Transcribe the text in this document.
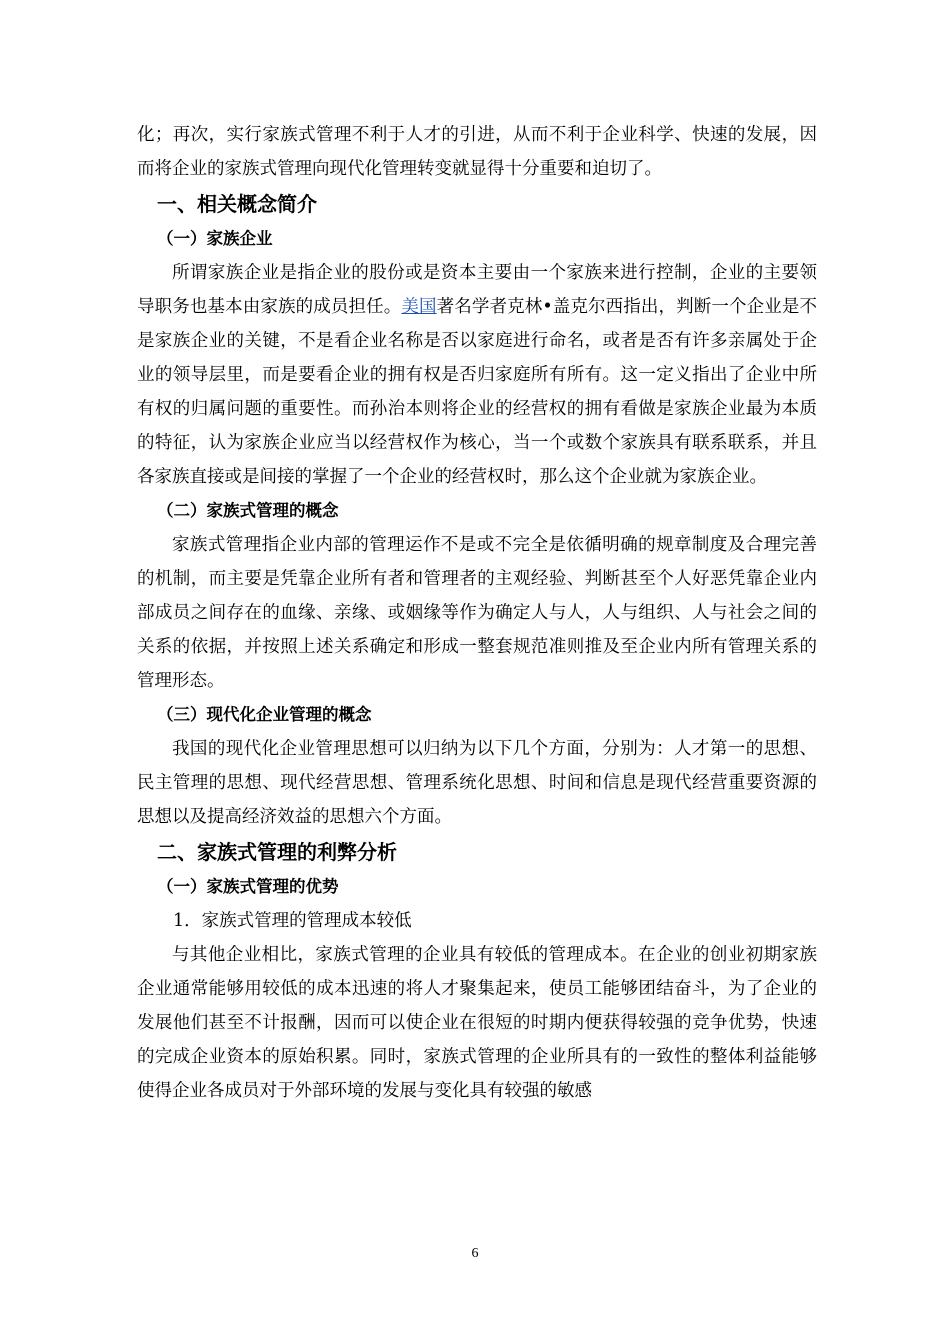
化；再次，实行家族式管理不利于人才的引进，从而不利于企业科学、快速的发展，因而将企业的家族式管理向现代化管理转变就显得十分重要和迫切了。

一、相关概念简介
（一）家族企业

所谓家族企业是指企业的股份或是资本主要由一个家族来进行控制，企业的主要领导职务也基本由家族的成员担任。美国著名学者克林•盖克尔西指出，判断一个企业是不是家族企业的关键，不是看企业名称是否以家庭进行命名，或者是否有许多亲属处于企业的领导层里，而是要看企业的拥有权是否归家庭所有所有。这一定义指出了企业中所有权的归属问题的重要性。而孙治本则将企业的经营权的拥有看做是家族企业最为本质的特征，认为家族企业应当以经营权作为核心，当一个或数个家族具有联系联系，并且各家族直接或是间接的掌握了一个企业的经营权时，那么这个企业就为家族企业。

（二）家族式管理的概念

家族式管理指企业内部的管理运作不是或不完全是依循明确的规章制度及合理完善的机制，而主要是凭靠企业所有者和管理者的主观经验、判断甚至个人好恶凭靠企业内部成员之间存在的血缘、亲缘、或姻缘等作为确定人与人，人与组织、人与社会之间的关系的依据，并按照上述关系确定和形成一整套规范准则推及至企业内所有管理关系的管理形态。

（三）现代化企业管理的概念

我国的现代化企业管理思想可以归纳为以下几个方面，分别为：人才第一的思想、民主管理的思想、现代经营思想、管理系统化思想、时间和信息是现代经营重要资源的思想以及提高经济效益的思想六个方面。

二、家族式管理的利弊分析
（一）家族式管理的优势

1．家族式管理的管理成本较低

与其他企业相比，家族式管理的企业具有较低的管理成本。在企业的创业初期家族企业通常能够用较低的成本迅速的将人才聚集起来，使员工能够团结奋斗，为了企业的发展他们甚至不计报酬，因而可以使企业在很短的时期内便获得较强的竞争优势，快速的完成企业资本的原始积累。同时，家族式管理的企业所具有的一致性的整体利益能够使得企业各成员对于外部环境的发展与变化具有较强的敏感

6
